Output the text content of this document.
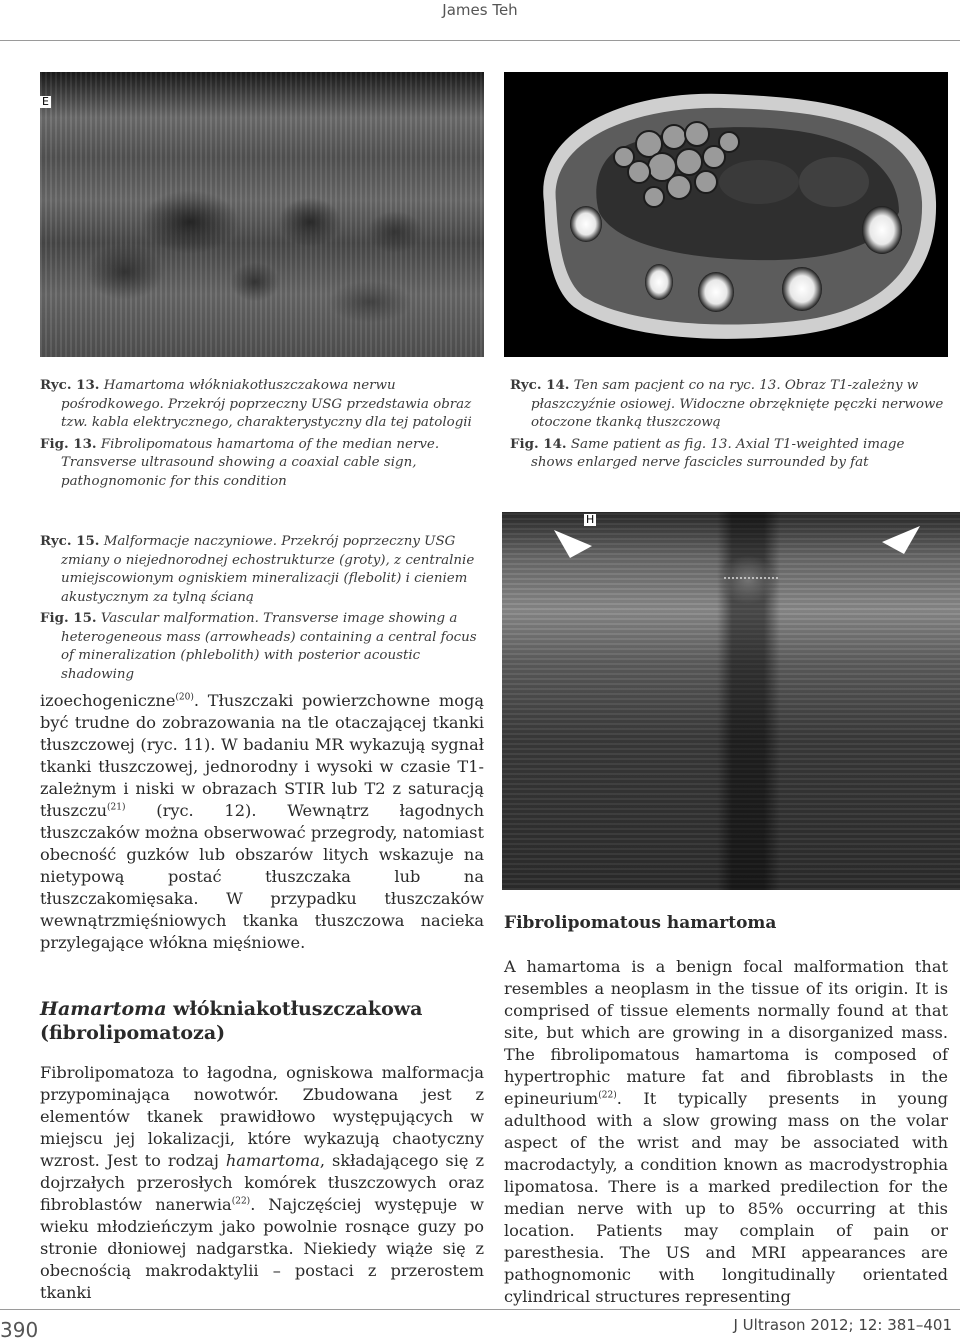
James Teh
E

Ryc. 13. Hamartoma włókniakotłuszczakowa nerwu pośrodkowego. Przekrój poprzeczny USG przedstawia obraz tzw. kabla elektrycznego, charakterystyczny dla tej patologii

Fig. 13. Fibrolipomatous hamartoma of the median nerve. Transverse ultrasound showing a coaxial cable sign, pathognomonic for this condition

Ryc. 14. Ten sam pacjent co na ryc. 13. Obraz T1-zależny w płaszczyźnie osiowej. Widoczne obrzęknięte pęczki nerwowe otoczone tkanką tłuszczową

Fig. 14. Same patient as fig. 13. Axial T1-weighted image shows enlarged nerve fascicles surrounded by fat

Ryc. 15. Malformacje naczyniowe. Przekrój poprzeczny USG zmiany o niejednorodnej echostrukturze (groty), z centralnie umiejscowionym ogniskiem mineralizacji (flebolit) i cieniem akustycznym za tylną ścianą

Fig. 15. Vascular malformation. Transverse image showing a heterogeneous mass (arrowheads) containing a central focus of mineralization (phlebolith) with posterior acoustic shadowing

H

izoechogeniczne$^{(20)}$. Tłuszczaki powierzchowne mogą być trudne do zobrazowania na tle otaczającej tkanki tłuszczowej (ryc. 11). W badaniu MR wykazują sygnał tkanki tłuszczowej, jednorodny i wysoki w czasie T1-zależnym i niski w obrazach STIR lub T2 z saturacją tłuszczu$^{(21)}$ (ryc. 12). Wewnątrz łagodnych tłuszczaków można obserwować przegrody, natomiast obecność guzków lub obszarów litych wskazuje na nietypową postać tłuszczaka lub na tłuszczakomięsaka. W przypadku tłuszczaków wewnątrzmięśniowych tkanka tłuszczowa nacieka przylegające włókna mięśniowe.

Hamartoma włókniakotłuszczakowa (fibrolipomatoza)

Fibrolipomatoza to łagodna, ogniskowa malformacja przypominająca nowotwór. Zbudowana jest z elementów tkanek prawidłowo występujących w miejscu jej lokalizacji, które wykazują chaotyczny wzrost. Jest to rodzaj hamartoma, składającego się z dojrzałych przerosłych komórek tłuszczowych oraz fibroblastów nanerwia$^{(22)}$. Najczęściej występuje w wieku młodzieńczym jako powolnie rosnące guzy po stronie dłoniowej nadgarstka. Niekiedy wiąże się z obecnością makrodaktylii – postaci z przerostem tkanki

Fibrolipomatous hamartoma

A hamartoma is a benign focal malformation that resembles a neoplasm in the tissue of its origin. It is comprised of tissue elements normally found at that site, but which are growing in a disorganized mass. The fibrolipomatous hamartoma is composed of hypertrophic mature fat and fibroblasts in the epineurium$^{(22)}$. It typically presents in young adulthood with a slow growing mass on the volar aspect of the wrist and may be associated with macrodactyly, a condition known as macrodystrophia lipomatosa. There is a marked predilection for the median nerve with up to 85% occurring at this location. Patients may complain of pain or paresthesia. The US and MRI appearances are pathognomonic with longitudinally orientated cylindrical structures representing

390	J Ultrason 2012; 12: 381–401
